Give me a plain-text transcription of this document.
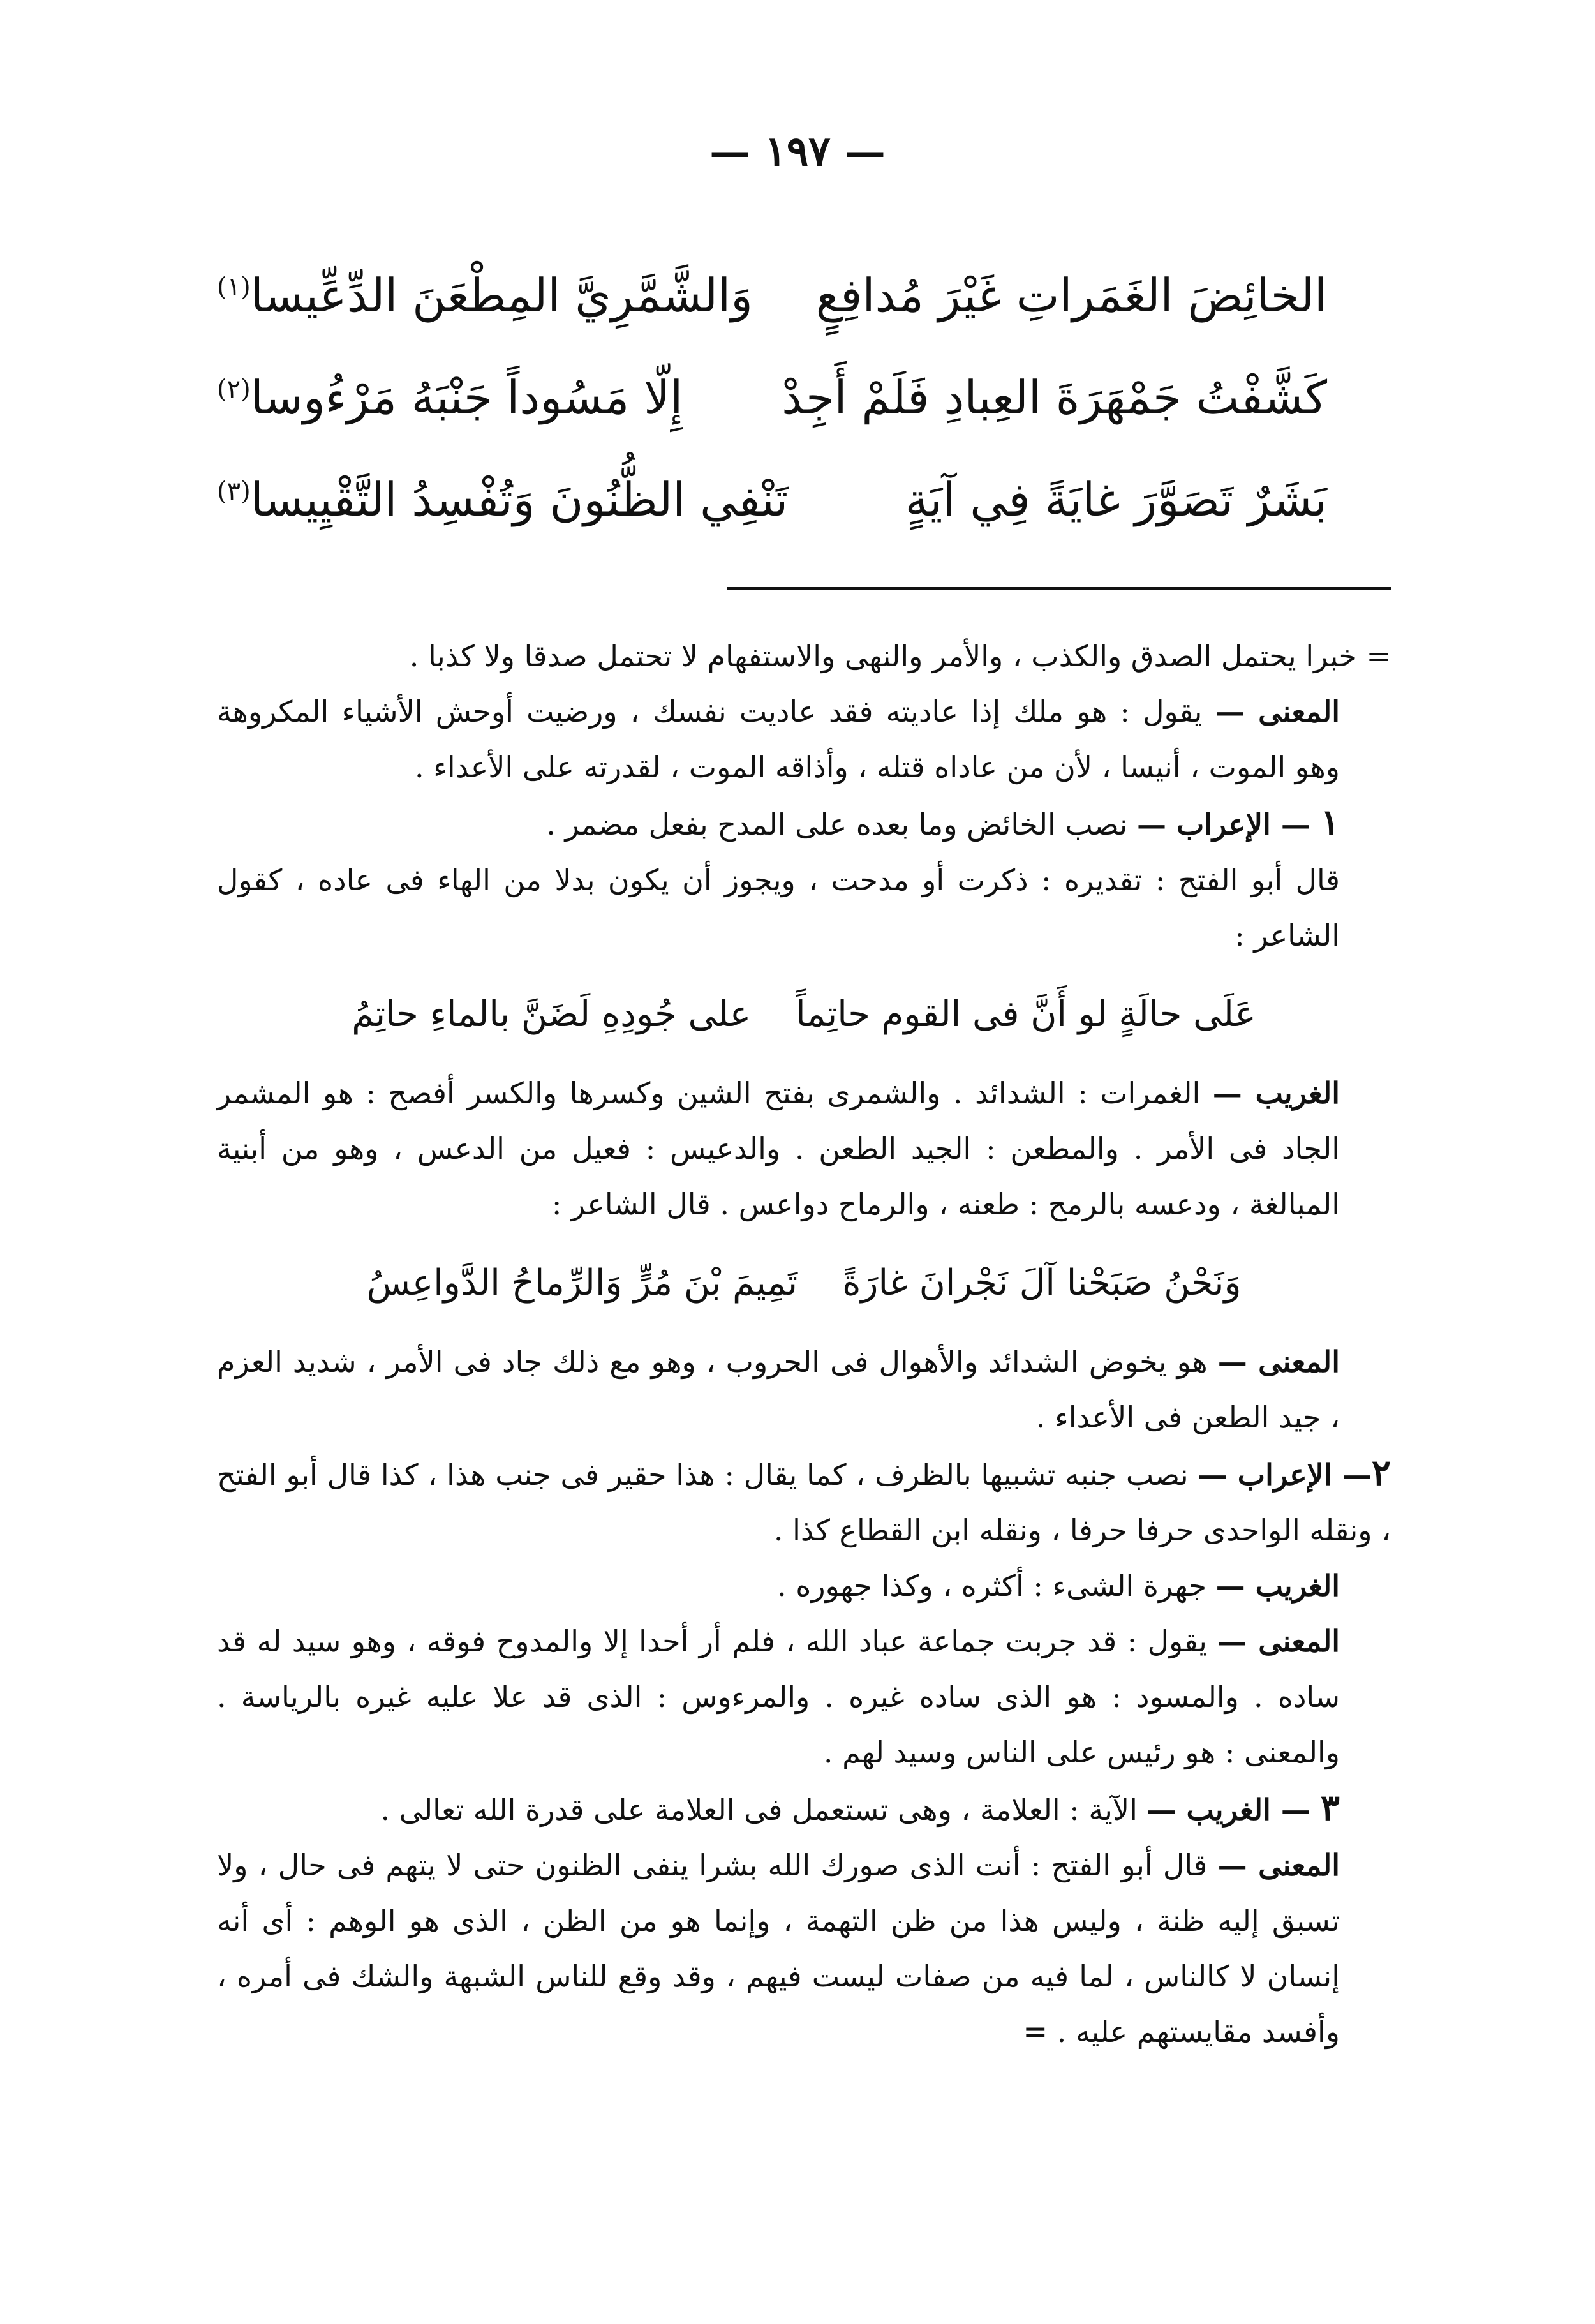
— ١٩٧ —
الخائِضَ الغَمَراتِ غَيْرَ مُدافِعٍ
وَالشَّمَّرِيَّ المِطْعَنَ الدِّعِّيسا$^{(١)}$
كَشَّفْتُ جَمْهَرَةَ العِبادِ فَلَمْ أَجِدْ
إِلّا مَسُوداً جَنْبَهُ مَرْءُوسا$^{(٢)}$
بَشَرٌ تَصَوَّرَ غايَةً فِي آيَةٍ
تَنْفِي الظُّنُونَ وَتُفْسِدُ التَّقْيِيسا$^{(٣)}$

= خبرا يحتمل الصدق والكذب ، والأمر والنهى والاستفهام لا تحتمل صدقا ولا كذبا .

المعنى — يقول : هو ملك إذا عاديته فقد عاديت نفسك ، ورضيت أوحش الأشياء المكروهة وهو الموت ، أنيسا ، لأن من عاداه قتله ، وأذاقه الموت ، لقدرته على الأعداء .

١ — الإعراب — نصب الخائض وما بعده على المدح بفعل مضمر .

قال أبو الفتح : تقديره : ذكرت أو مدحت ، ويجوز أن يكون بدلا من الهاء فى عاده ، كقول الشاعر :

عَلَى حالَةٍ لو أَنَّ فى القوم حاتِماًعلى جُودِهِ لَضَنَّ بالماءِ حاتِمُ

الغريب — الغمرات : الشدائد . والشمرى بفتح الشين وكسرها والكسر أفصح : هو المشمر الجاد فى الأمر . والمطعن : الجيد الطعن . والدعيس : فعيل من الدعس ، وهو من أبنية المبالغة ، ودعسه بالرمح : طعنه ، والرماح دواعس . قال الشاعر :

وَنَحْنُ صَبَحْنا آلَ نَجْرانَ غارَةًتَمِيمَ بْنَ مُرٍّ وَالرِّماحُ الدَّواعِسُ

المعنى — هو يخوض الشدائد والأهوال فى الحروب ، وهو مع ذلك جاد فى الأمر ، شديد العزم ، جيد الطعن فى الأعداء .

٢— الإعراب — نصب جنبه تشبيها بالظرف ، كما يقال : هذا حقير فى جنب هذا ، كذا قال أبو الفتح ، ونقله الواحدى حرفا حرفا ، ونقله ابن القطاع كذا .

الغريب — جهرة الشىء : أكثره ، وكذا جهوره .

المعنى — يقول : قد جربت جماعة عباد الله ، فلم أر أحدا إلا والمدوح فوقه ، وهو سيد له قد ساده . والمسود : هو الذى ساده غيره . والمرءوس : الذى قد علا عليه غيره بالرياسة . والمعنى : هو رئيس على الناس وسيد لهم .

٣ — الغريب — الآية : العلامة ، وهى تستعمل فى العلامة على قدرة الله تعالى .

المعنى — قال أبو الفتح : أنت الذى صورك الله بشرا ينفى الظنون حتى لا يتهم فى حال ، ولا تسبق إليه ظنة ، وليس هذا من ظن التهمة ، وإنما هو من الظن ، الذى هو الوهم : أى أنه إنسان لا كالناس ، لما فيه من صفات ليست فيهم ، وقد وقع للناس الشبهة والشك فى أمره ، وأفسد مقايستهم عليه . =
